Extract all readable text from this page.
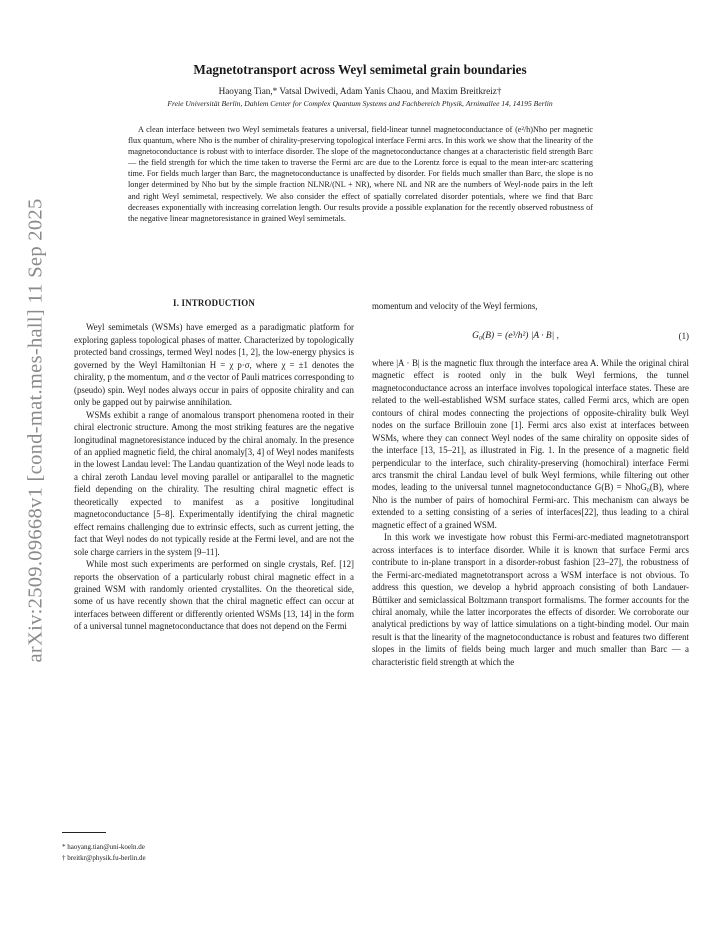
arXiv:2509.09668v1 [cond-mat.mes-hall] 11 Sep 2025
Magnetotransport across Weyl semimetal grain boundaries
Haoyang Tian,* Vatsal Dwivedi, Adam Yanis Chaou, and Maxim Breitkreiz†
Freie Universität Berlin, Dahlem Center for Complex Quantum Systems and Fachbereich Physik, Arnimallee 14, 14195 Berlin

A clean interface between two Weyl semimetals features a universal, field-linear tunnel magnetoconductance of (e²/h)Nho per magnetic flux quantum, where Nho is the number of chirality-preserving topological interface Fermi arcs. In this work we show that the linearity of the magnetoconductance is robust with to interface disorder. The slope of the magnetoconductance changes at a characteristic field strength Barc — the field strength for which the time taken to traverse the Fermi arc are due to the Lorentz force is equal to the mean inter-arc scattering time. For fields much larger than Barc, the magnetoconductance is unaffected by disorder. For fields much smaller than Barc, the slope is no longer determined by Nho but by the simple fraction NLNR/(NL + NR), where NL and NR are the numbers of Weyl-node pairs in the left and right Weyl semimetal, respectively. We also consider the effect of spatially correlated disorder potentials, where we find that Barc decreases exponentially with increasing correlation length. Our results provide a possible explanation for the recently observed robustness of the negative linear magnetoresistance in grained Weyl semimetals.

I. INTRODUCTION

Weyl semimetals (WSMs) have emerged as a paradigmatic platform for exploring gapless topological phases of matter. Characterized by topologically protected band crossings, termed Weyl nodes [1, 2], the low-energy physics is governed by the Weyl Hamiltonian H = χ p·σ, where χ = ±1 denotes the chirality, p the momentum, and σ the vector of Pauli matrices corresponding to (pseudo) spin. Weyl nodes always occur in pairs of opposite chirality and can only be gapped out by pairwise annihilation.

WSMs exhibit a range of anomalous transport phenomena rooted in their chiral electronic structure. Among the most striking features are the negative longitudinal magnetoresistance induced by the chiral anomaly. In the presence of an applied magnetic field, the chiral anomaly[3, 4] of Weyl nodes manifests in the lowest Landau level: The Landau quantization of the Weyl node leads to a chiral zeroth Landau level moving parallel or antiparallel to the magnetic field depending on the chirality. The resulting chiral magnetic effect is theoretically expected to manifest as a positive longitudinal magnetoconductance [5–8]. Experimentally identifying the chiral magnetic effect remains challenging due to extrinsic effects, such as current jetting, the fact that Weyl nodes do not typically reside at the Fermi level, and are not the sole charge carriers in the system [9–11].

While most such experiments are performed on single crystals, Ref. [12] reports the observation of a particularly robust chiral magnetic effect in a grained WSM with randomly oriented crystallites. On the theoretical side, some of us have recently shown that the chiral magnetic effect can occur at interfaces between different or differently oriented WSMs [13, 14] in the form of a universal tunnel magnetoconductance that does not depend on the Fermi

momentum and velocity of the Weyl fermions,

G₀(B) = (e³/h²) |A · B| ,	(1)

where |A · B| is the magnetic flux through the interface area A. While the original chiral magnetic effect is rooted only in the bulk Weyl fermions, the tunnel magnetoconductance across an interface involves topological interface states. These are related to the well-established WSM surface states, called Fermi arcs, which are open contours of chiral modes connecting the projections of opposite-chirality bulk Weyl nodes on the surface Brillouin zone [1]. Fermi arcs also exist at interfaces between WSMs, where they can connect Weyl nodes of the same chirality on opposite sides of the interface [13, 15–21], as illustrated in Fig. 1. In the presence of a magnetic field perpendicular to the interface, such chirality-preserving (homochiral) interface Fermi arcs transmit the chiral Landau level of bulk Weyl fermions, while filtering out other modes, leading to the universal tunnel magnetoconductance G(B) = NhoG₀(B), where Nho is the number of pairs of homochiral Fermi-arc. This mechanism can always be extended to a setting consisting of a series of interfaces[22], thus leading to a chiral magnetic effect of a grained WSM.

In this work we investigate how robust this Fermi-arc-mediated magnetotransport across interfaces is to interface disorder. While it is known that surface Fermi arcs contribute to in-plane transport in a disorder-robust fashion [23–27], the robustness of the Fermi-arc-mediated magnetotransport across a WSM interface is not obvious. To address this question, we develop a hybrid approach consisting of both Landauer-Büttiker and semiclassical Boltzmann transport formalisms. The former accounts for the chiral anomaly, while the latter incorporates the effects of disorder. We corroborate our analytical predictions by way of lattice simulations on a tight-binding model. Our main result is that the linearity of the magnetoconductance is robust and features two different slopes in the limits of fields being much larger and much smaller than Barc — a characteristic field strength at which the

* haoyang.tian@uni-koeln.de
† breitkr@physik.fu-berlin.de
